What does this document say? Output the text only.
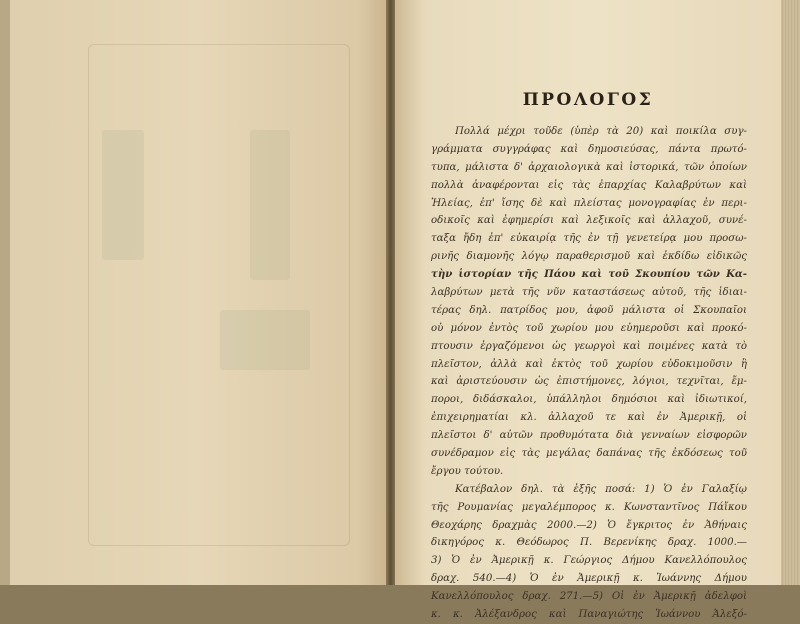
ΠΡΟΛΟΓΟΣ
Πολλά μέχρι τοῦδε (ὑπὲρ τὰ 20) καὶ ποικίλα συγ-
γράμματα συγγράφας καὶ δημοσιεύσας, πάντα πρωτό-
τυπα, μάλιστα δ' ἀρχαιολογικὰ καὶ ἱστορικά, τῶν ὁποίων
πολλὰ ἀναφέρονται εἰς τὰς ἐπαρχίας Καλαβρύτων καὶ
Ἠλείας, ἐπ' ἴσης δὲ καὶ πλείστας μονογραφίας ἐν περι-
οδικοῖς καὶ ἐφημερίσι καὶ λεξικοῖς καὶ ἀλλαχοῦ, συνέ-
ταξα ἤδη ἐπ' εὐκαιρίᾳ τῆς ἐν τῇ γενετείρᾳ μου προσω-
ρινῆς διαμονῆς λόγῳ παραθερισμοῦ καὶ ἐκδίδω εἰδικῶς
τὴν ἱστορίαν τῆς Πάου καὶ τοῦ Σκουπίου τῶν Κα-
λαβρύτων μετὰ τῆς νῦν καταστάσεως αὐτοῦ, τῆς ἰδιαι-
τέρας δηλ. πατρίδος μου, ἀφοῦ μάλιστα οἱ Σκουπαῖοι
οὐ μόνον ἐντὸς τοῦ χωρίου μου εὐημεροῦσι καὶ προκό-
πτουσιν ἐργαζόμενοι ὡς γεωργοὶ καὶ ποιμένες κατὰ τὸ
πλεῖστον, ἀλλὰ καὶ ἐκτὸς τοῦ χωρίου εὐδοκιμοῦσιν ἢ
καὶ ἀριστεύουσιν ὡς ἐπιστήμονες, λόγιοι, τεχνῖται, ἔμ-
ποροι, διδάσκαλοι, ὑπάλληλοι δημόσιοι καὶ ἰδιωτικοί,
ἐπιχειρηματίαι κλ. ἀλλαχοῦ τε καὶ ἐν Ἀμερικῇ, οἱ
πλεῖστοι δ' αὐτῶν προθυμότατα διὰ γενναίων εἰσφορῶν
συνέδραμον εἰς τὰς μεγάλας δαπάνας τῆς ἐκδόσεως τοῦ
ἔργου τούτου.
Κατέβαλον δηλ. τὰ ἑξῆς ποσά: 1) Ὁ ἐν Γαλαξίῳ
τῆς Ρουμανίας μεγαλέμπορος κ. Κωνσταντῖνος Πάἴκου
Θεοχάρης δραχμὰς 2000.—2) Ὁ ἔγκριτος ἐν Ἀθήναις
δικηγόρος κ. Θεόδωρος Π. Βερενίκης δραχ. 1000.—
3) Ὁ ἐν Ἀμερικῇ κ. Γεώργιος Δήμου Κανελλόπουλος
δραχ. 540.—4) Ὁ ἐν Ἀμερικῇ κ. Ἰωάννης Δήμου
Κανελλόπουλος δραχ. 271.—5) Οἱ ἐν Ἀμερικῇ ἀδελφοὶ
κ. κ. Ἀλέξανδρος καὶ Παναγιώτης Ἰωάννου Ἀλεξό-
